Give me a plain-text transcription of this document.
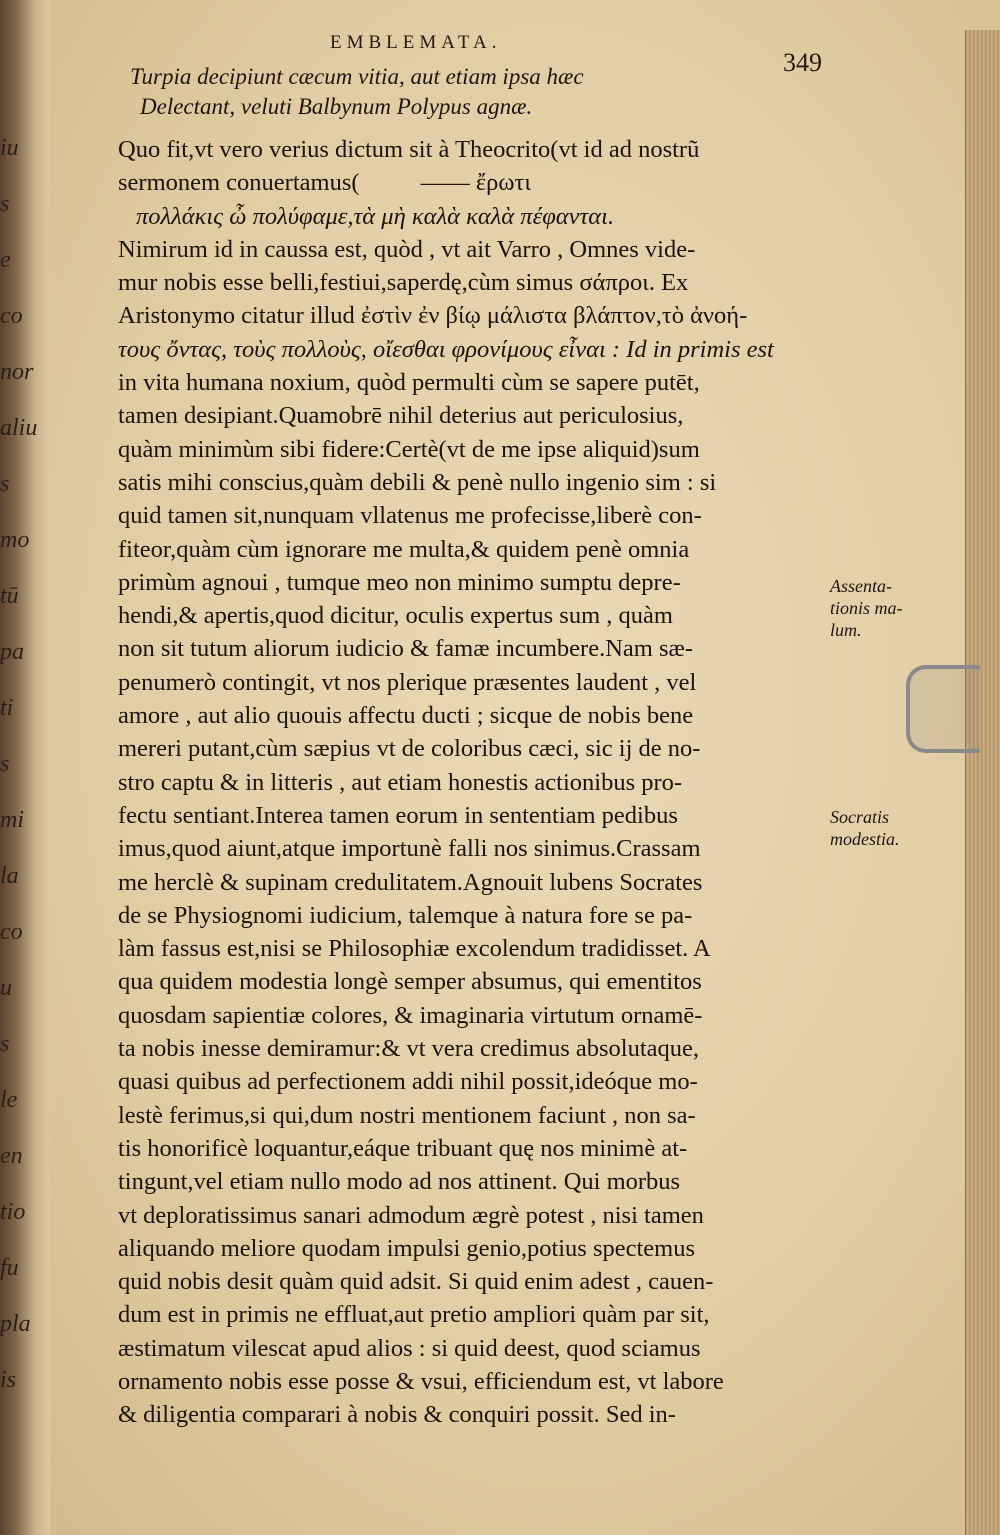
iu
s
e
co
nor
aliu
s
mo
tū
pa
ti
s
mi
la
co
u
s
le
en
tio
fu
pla
is
EMBLEMATA.
349
Turpia decipiunt cæcum vitia, aut etiam ipsa hæc
Delectant, veluti Balbynum Polypus agnæ.
Quo fit,vt vero verius dictum sit à Theocrito(vt id ad nostrũ
sermonem conuertamus(          —— ἔρωτι
πολλάκις ὦ πολύφαμε,τὰ μὴ καλὰ καλὰ πέφανται.
Nimirum id in caussa est, quòd , vt ait Varro , Omnes vide-
mur nobis esse belli,festiui,saperdę,cùm simus σάπροι. Ex
Aristonymo citatur illud ἐστὶν ἐν βίῳ μάλιστα βλάπτον,τὸ ἀνοή-
τους ὄντας, τοὺς πολλοὺς, οἴεσθαι φρονίμους εἶναι : Id in primis est
in vita humana noxium, quòd permulti cùm se sapere putēt,
tamen desipiant.Quamobrē nihil deterius aut periculosius,
quàm minimùm sibi fidere:Certè(vt de me ipse aliquid)sum
satis mihi conscius,quàm debili & penè nullo ingenio sim : si
quid tamen sit,nunquam vllatenus me profecisse,liberè con-
fiteor,quàm cùm ignorare me multa,& quidem penè omnia
primùm agnoui , tumque meo non minimo sumptu depre-
hendi,& apertis,quod dicitur, oculis expertus sum , quàm
non sit tutum aliorum iudicio & famæ incumbere.Nam sæ-
penumerò contingit, vt nos plerique præsentes laudent , vel
amore , aut alio quouis affectu ducti ; sicque de nobis bene
mereri putant,cùm sæpius vt de coloribus cæci, sic ij de no-
stro captu & in litteris , aut etiam honestis actionibus pro-
fectu sentiant.Interea tamen eorum in sententiam pedibus
imus,quod aiunt,atque importunè falli nos sinimus.Crassam
me herclè & supinam credulitatem.Agnouit lubens Socrates
de se Physiognomi iudicium, talemque à natura fore se pa-
làm fassus est,nisi se Philosophiæ excolendum tradidisset. A
qua quidem modestia longè semper absumus, qui ementitos
quosdam sapientiæ colores, & imaginaria virtutum ornamē-
ta nobis inesse demiramur:& vt vera credimus absolutaque,
quasi quibus ad perfectionem addi nihil possit,ideóque mo-
lestè ferimus,si qui,dum nostri mentionem faciunt , non sa-
tis honorificè loquantur,eáque tribuant quę nos minimè at-
tingunt,vel etiam nullo modo ad nos attinent. Qui morbus
vt deploratissimus sanari admodum ægrè potest , nisi tamen
aliquando meliore quodam impulsi genio,potius spectemus
quid nobis desit quàm quid adsit. Si quid enim adest , cauen-
dum est in primis ne effluat,aut pretio ampliori quàm par sit,
æstimatum vilescat apud alios : si quid deest, quod sciamus
ornamento nobis esse posse & vsui, efficiendum est, vt labore
& diligentia comparari à nobis & conquiri possit. Sed in-
Assenta-
tionis ma-
lum.
Socratis
modestia.
